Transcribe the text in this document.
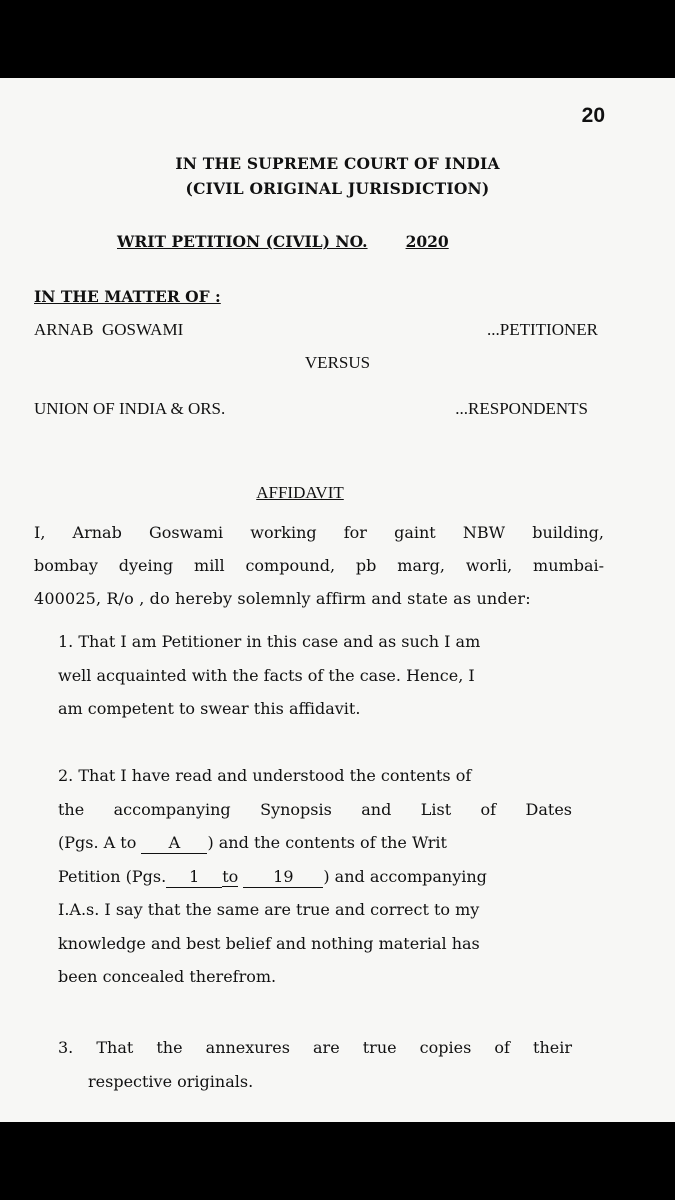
20
IN THE SUPREME COURT OF INDIA
(CIVIL ORIGINAL JURISDICTION)
WRIT PETITION (CIVIL) NO. 2020
IN THE MATTER OF :
ARNAB  GOSWAMI	...PETITIONER
VERSUS
UNION OF INDIA & ORS.	...RESPONDENTS
AFFIDAVIT
I, Arnab Goswami working for gaint NBW building,
bombay dyeing mill compound, pb marg, worli, mumbai-
400025, R/o , do hereby solemnly affirm and state as under:
1. That I am Petitioner in this case and as such I am
well acquainted with the facts of the case. Hence, I
am competent to swear this affidavit.
2. That I have read and understood the contents of
the accompanying Synopsis and List of Dates
(Pgs. A to A ) and the contents of the Writ
Petition (Pgs. 1 to 19 ) and accompanying
I.A.s. I say that the same are true and correct to my
knowledge and best belief and nothing material has
been concealed therefrom.
3. That the annexures are true copies of their
respective originals.
